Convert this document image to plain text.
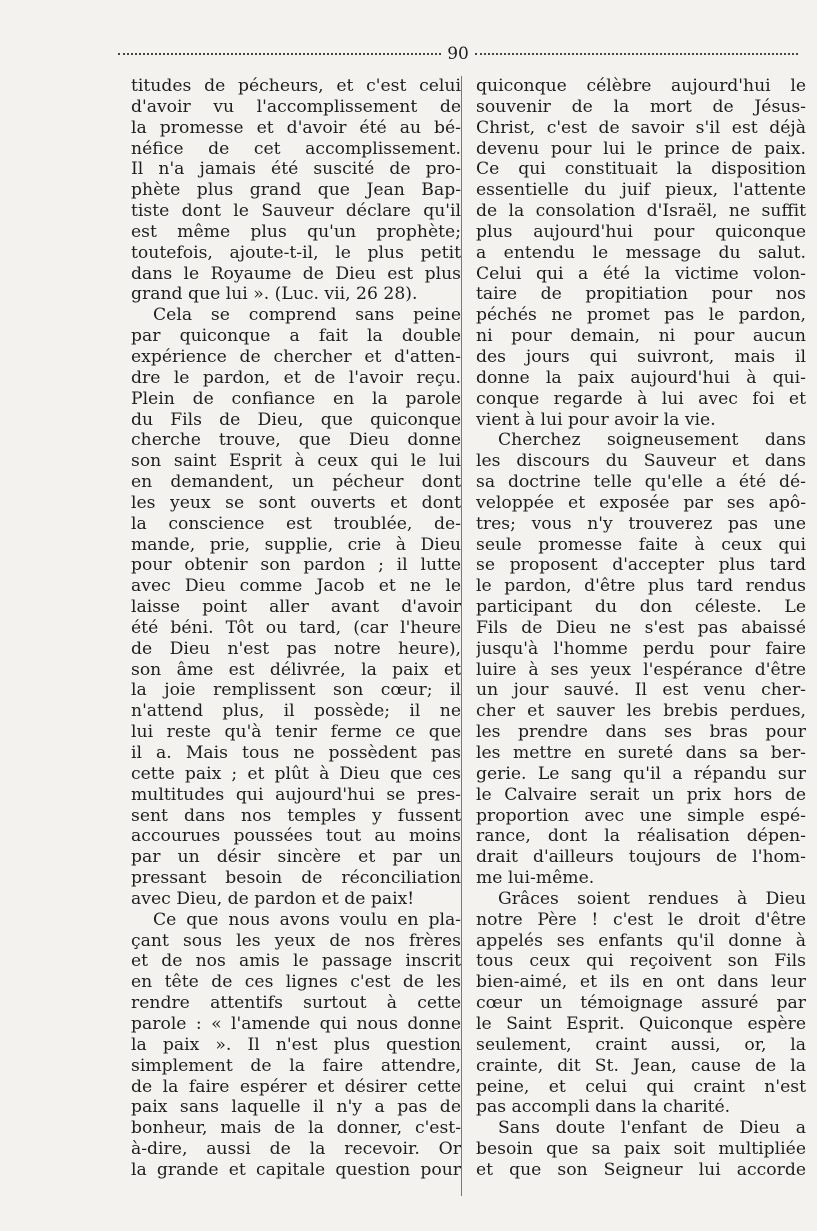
90
titudes de pécheurs, et c'est celui
d'avoir vu l'accomplissement de
la promesse et d'avoir été au bé-
néfice de cet accomplissement.
Il n'a jamais été suscité de pro-
phète plus grand que Jean Bap-
tiste dont le Sauveur déclare qu'il
est même plus qu'un prophète;
toutefois, ajoute-t-il, le plus petit
dans le Royaume de Dieu est plus
grand que lui ». (Luc. vii, 26 28).
Cela se comprend sans peine
par quiconque a fait la double
expérience de chercher et d'atten-
dre le pardon, et de l'avoir reçu.
Plein de confiance en la parole
du Fils de Dieu, que quiconque
cherche trouve, que Dieu donne
son saint Esprit à ceux qui le lui
en demandent, un pécheur dont
les yeux se sont ouverts et dont
la conscience est troublée, de-
mande, prie, supplie, crie à Dieu
pour obtenir son pardon ; il lutte
avec Dieu comme Jacob et ne le
laisse point aller avant d'avoir
été béni. Tôt ou tard, (car l'heure
de Dieu n'est pas notre heure),
son âme est délivrée, la paix et
la joie remplissent son cœur; il
n'attend plus, il possède; il ne
lui reste qu'à tenir ferme ce que
il a. Mais tous ne possèdent pas
cette paix ; et plût à Dieu que ces
multitudes qui aujourd'hui se pres-
sent dans nos temples y fussent
accourues poussées tout au moins
par un désir sincère et par un
pressant besoin de réconciliation
avec Dieu, de pardon et de paix!
Ce que nous avons voulu en pla-
çant sous les yeux de nos frères
et de nos amis le passage inscrit
en tête de ces lignes c'est de les
rendre attentifs surtout à cette
parole : « l'amende qui nous donne
la paix ». Il n'est plus question
simplement de la faire attendre,
de la faire espérer et désirer cette
paix sans laquelle il n'y a pas de
bonheur, mais de la donner, c'est-
à-dire, aussi de la recevoir. Or
la grande et capitale question pour
quiconque célèbre aujourd'hui le
souvenir de la mort de Jésus-
Christ, c'est de savoir s'il est déjà
devenu pour lui le prince de paix.
Ce qui constituait la disposition
essentielle du juif pieux, l'attente
de la consolation d'Israël, ne suffit
plus aujourd'hui pour quiconque
a entendu le message du salut.
Celui qui a été la victime volon-
taire de propitiation pour nos
péchés ne promet pas le pardon,
ni pour demain, ni pour aucun
des jours qui suivront, mais il
donne la paix aujourd'hui à qui-
conque regarde à lui avec foi et
vient à lui pour avoir la vie.
Cherchez soigneusement dans
les discours du Sauveur et dans
sa doctrine telle qu'elle a été dé-
veloppée et exposée par ses apô-
tres; vous n'y trouverez pas une
seule promesse faite à ceux qui
se proposent d'accepter plus tard
le pardon, d'être plus tard rendus
participant du don céleste. Le
Fils de Dieu ne s'est pas abaissé
jusqu'à l'homme perdu pour faire
luire à ses yeux l'espérance d'être
un jour sauvé. Il est venu cher-
cher et sauver les brebis perdues,
les prendre dans ses bras pour
les mettre en sureté dans sa ber-
gerie. Le sang qu'il a répandu sur
le Calvaire serait un prix hors de
proportion avec une simple espé-
rance, dont la réalisation dépen-
drait d'ailleurs toujours de l'hom-
me lui-même.
Grâces soient rendues à Dieu
notre Père ! c'est le droit d'être
appelés ses enfants qu'il donne à
tous ceux qui reçoivent son Fils
bien-aimé, et ils en ont dans leur
cœur un témoignage assuré par
le Saint Esprit. Quiconque espère
seulement, craint aussi, or, la
crainte, dit St. Jean, cause de la
peine, et celui qui craint n'est
pas accompli dans la charité.
Sans doute l'enfant de Dieu a
besoin que sa paix soit multipliée
et que son Seigneur lui accorde
